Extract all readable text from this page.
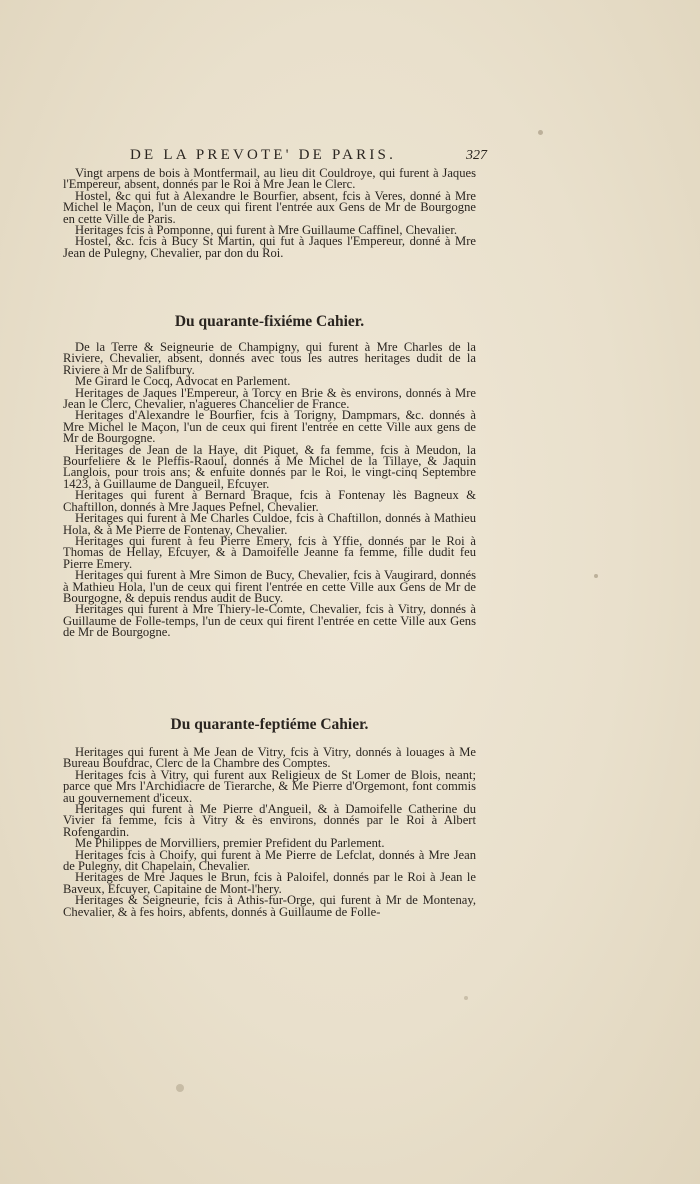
DE LA PREVOTE' DE PARIS.	327

Vingt arpens de bois à Montfermail, au lieu dit Couldroye, qui furent à Jaques l'Empereur, absent, donnés par le Roi à Mre Jean le Clerc.

Hostel, &c qui fut à Alexandre le Bourfier, absent, fcis à Veres, donné à Mre Michel le Maçon, l'un de ceux qui firent l'entrée aux Gens de Mr de Bourgogne en cette Ville de Paris.

Heritages fcis à Pomponne, qui furent à Mre Guillaume Caffinel, Chevalier.

Hostel, &c. fcis à Bucy St Martin, qui fut à Jaques l'Empereur, donné à Mre Jean de Pulegny, Chevalier, par don du Roi.

Du quarante-fixiéme Cahier.

De la Terre & Seigneurie de Champigny, qui furent à Mre Charles de la Riviere, Chevalier, absent, donnés avec tous les autres heritages dudit de la Riviere à Mr de Salifbury.

Me Girard le Cocq, Advocat en Parlement.

Heritages de Jaques l'Empereur, à Torcy en Brie & ès environs, donnés à Mre Jean le Clerc, Chevalier, n'agueres Chancelier de France.

Heritages d'Alexandre le Bourfier, fcis à Torigny, Dampmars, &c. donnés à Mre Michel le Maçon, l'un de ceux qui firent l'entrée en cette Ville aux gens de Mr de Bourgogne.

Heritages de Jean de la Haye, dit Piquet, & fa femme, fcis à Meudon, la Bourfeliere & le Pleffis-Raoul, donnés à Me Michel de la Tillaye, & Jaquin Langlois, pour trois ans; & enfuite donnés par le Roi, le vingt-cinq Septembre 1423, à Guillaume de Dangueil, Efcuyer.

Heritages qui furent à Bernard Braque, fcis à Fontenay lès Bagneux & Chaftillon, donnés à Mre Jaques Pefnel, Chevalier.

Heritages qui furent à Me Charles Culdoe, fcis à Chaftillon, donnés à Mathieu Hola, & à Me Pierre de Fontenay, Chevalier.

Heritages qui furent à feu Pierre Emery, fcis à Yffie, donnés par le Roi à Thomas de Hellay, Efcuyer, & à Damoifelle Jeanne fa femme, fille dudit feu Pierre Emery.

Heritages qui furent à Mre Simon de Bucy, Chevalier, fcis à Vaugirard, donnés à Mathieu Hola, l'un de ceux qui firent l'entrée en cette Ville aux Gens de Mr de Bourgogne, & depuis rendus audit de Bucy.

Heritages qui furent à Mre Thiery-le-Comte, Chevalier, fcis à Vitry, donnés à Guillaume de Folle-temps, l'un de ceux qui firent l'entrée en cette Ville aux Gens de Mr de Bourgogne.

Du quarante-feptiéme Cahier.

Heritages qui furent à Me Jean de Vitry, fcis à Vitry, donnés à louages à Me Bureau Boufdrac, Clerc de la Chambre des Comptes.

Heritages fcis à Vitry, qui furent aux Religieux de St Lomer de Blois, neant; parce que Mrs l'Archidiacre de Tierarche, & Me Pierre d'Orgemont, font commis au gouvernement d'iceux.

Heritages qui furent à Me Pierre d'Angueil, & à Damoifelle Catherine du Vivier fa femme, fcis à Vitry & ès environs, donnés par le Roi à Albert Rofengardin.

Me Philippes de Morvilliers, premier Prefident du Parlement.

Heritages fcis à Choify, qui furent à Me Pierre de Lefclat, donnés à Mre Jean de Pulegny, dit Chapelain, Chevalier.

Heritages de Mre Jaques le Brun, fcis à Paloifel, donnés par le Roi à Jean le Baveux, Efcuyer, Capitaine de Mont-l'hery.

Heritages & Seigneurie, fcis à Athis-fur-Orge, qui furent à Mr de Montenay, Chevalier, & à fes hoirs, abfents, donnés à Guillaume de Folle-
